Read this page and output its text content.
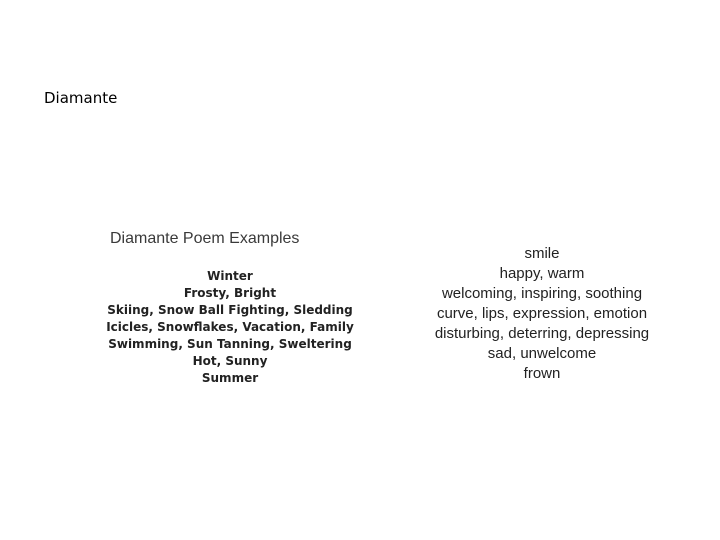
Diamante
Diamante Poem Examples
Winter
Frosty, Bright
Skiing, Snow Ball Fighting, Sledding
Icicles, Snowflakes, Vacation, Family
Swimming, Sun Tanning, Sweltering
Hot, Sunny
Summer
smile
happy, warm
welcoming, inspiring, soothing
curve, lips, expression, emotion
disturbing, deterring, depressing
sad, unwelcome
frown
